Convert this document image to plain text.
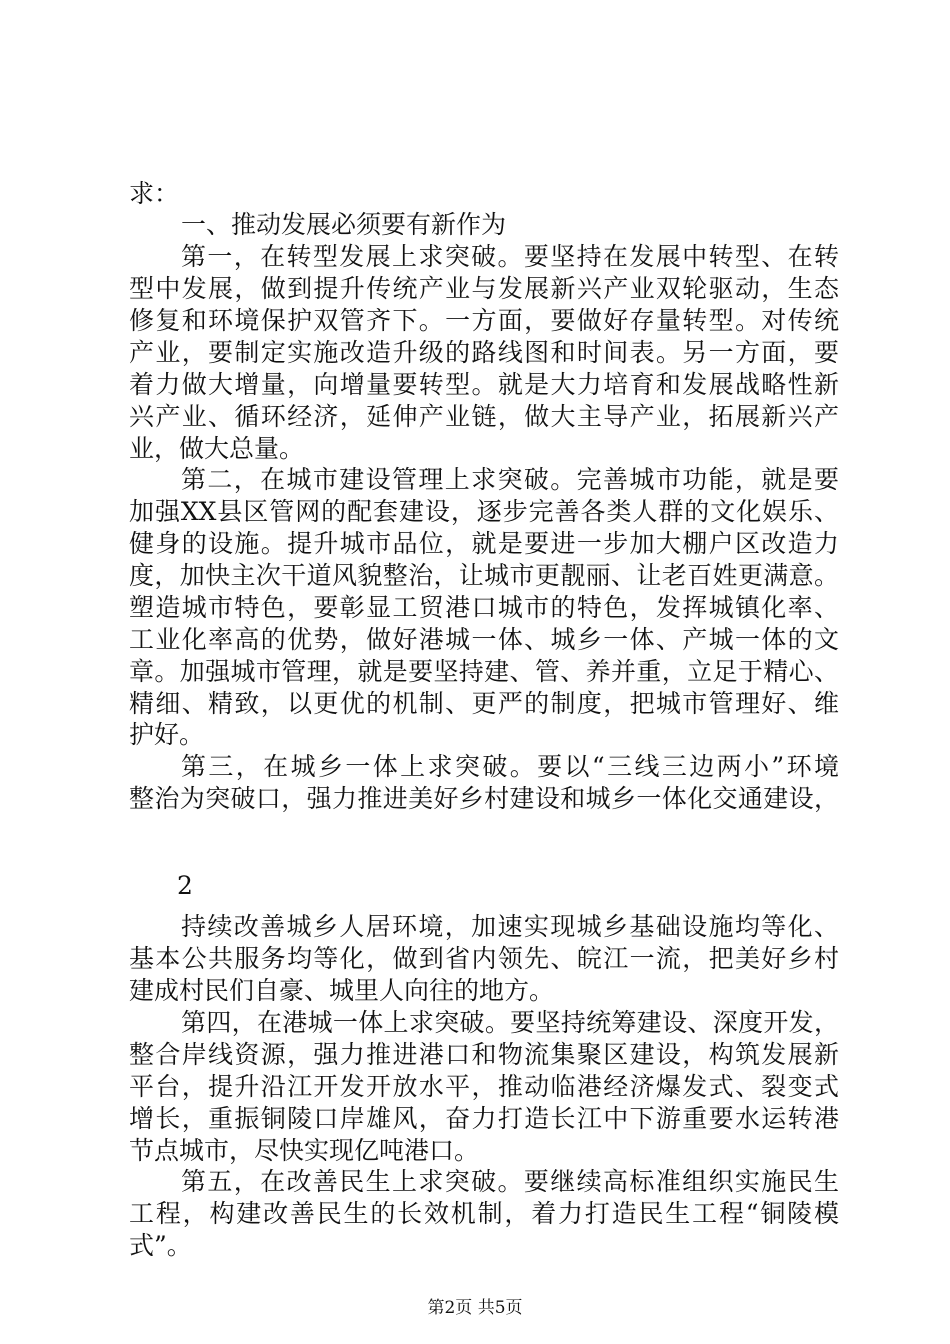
求：
一、推动发展必须要有新作为
第一，在转型发展上求突破。要坚持在发展中转型、在转
型中发展，做到提升传统产业与发展新兴产业双轮驱动，生态
修复和环境保护双管齐下。一方面，要做好存量转型。对传统
产业，要制定实施改造升级的路线图和时间表。另一方面，要
着力做大增量，向增量要转型。就是大力培育和发展战略性新
兴产业、循环经济，延伸产业链，做大主导产业，拓展新兴产
业，做大总量。
第二，在城市建设管理上求突破。完善城市功能，就是要
加强XX县区管网的配套建设，逐步完善各类人群的文化娱乐、
健身的设施。提升城市品位，就是要进一步加大棚户区改造力
度，加快主次干道风貌整治，让城市更靓丽、让老百姓更满意。
塑造城市特色，要彰显工贸港口城市的特色，发挥城镇化率、
工业化率高的优势，做好港城一体、城乡一体、产城一体的文
章。加强城市管理，就是要坚持建、管、养并重，立足于精心、
精细、精致，以更优的机制、更严的制度，把城市管理好、维
护好。
第三，在城乡一体上求突破。要以“三线三边两小”环境
整治为突破口，强力推进美好乡村建设和城乡一体化交通建设，
2
持续改善城乡人居环境，加速实现城乡基础设施均等化、
基本公共服务均等化，做到省内领先、皖江一流，把美好乡村
建成村民们自豪、城里人向往的地方。
第四，在港城一体上求突破。要坚持统筹建设、深度开发，
整合岸线资源，强力推进港口和物流集聚区建设，构筑发展新
平台，提升沿江开发开放水平，推动临港经济爆发式、裂变式
增长，重振铜陵口岸雄风，奋力打造长江中下游重要水运转港
节点城市，尽快实现亿吨港口。
第五，在改善民生上求突破。要继续高标准组织实施民生
工程，构建改善民生的长效机制，着力打造民生工程“铜陵模
式”。
第2页 共5页
